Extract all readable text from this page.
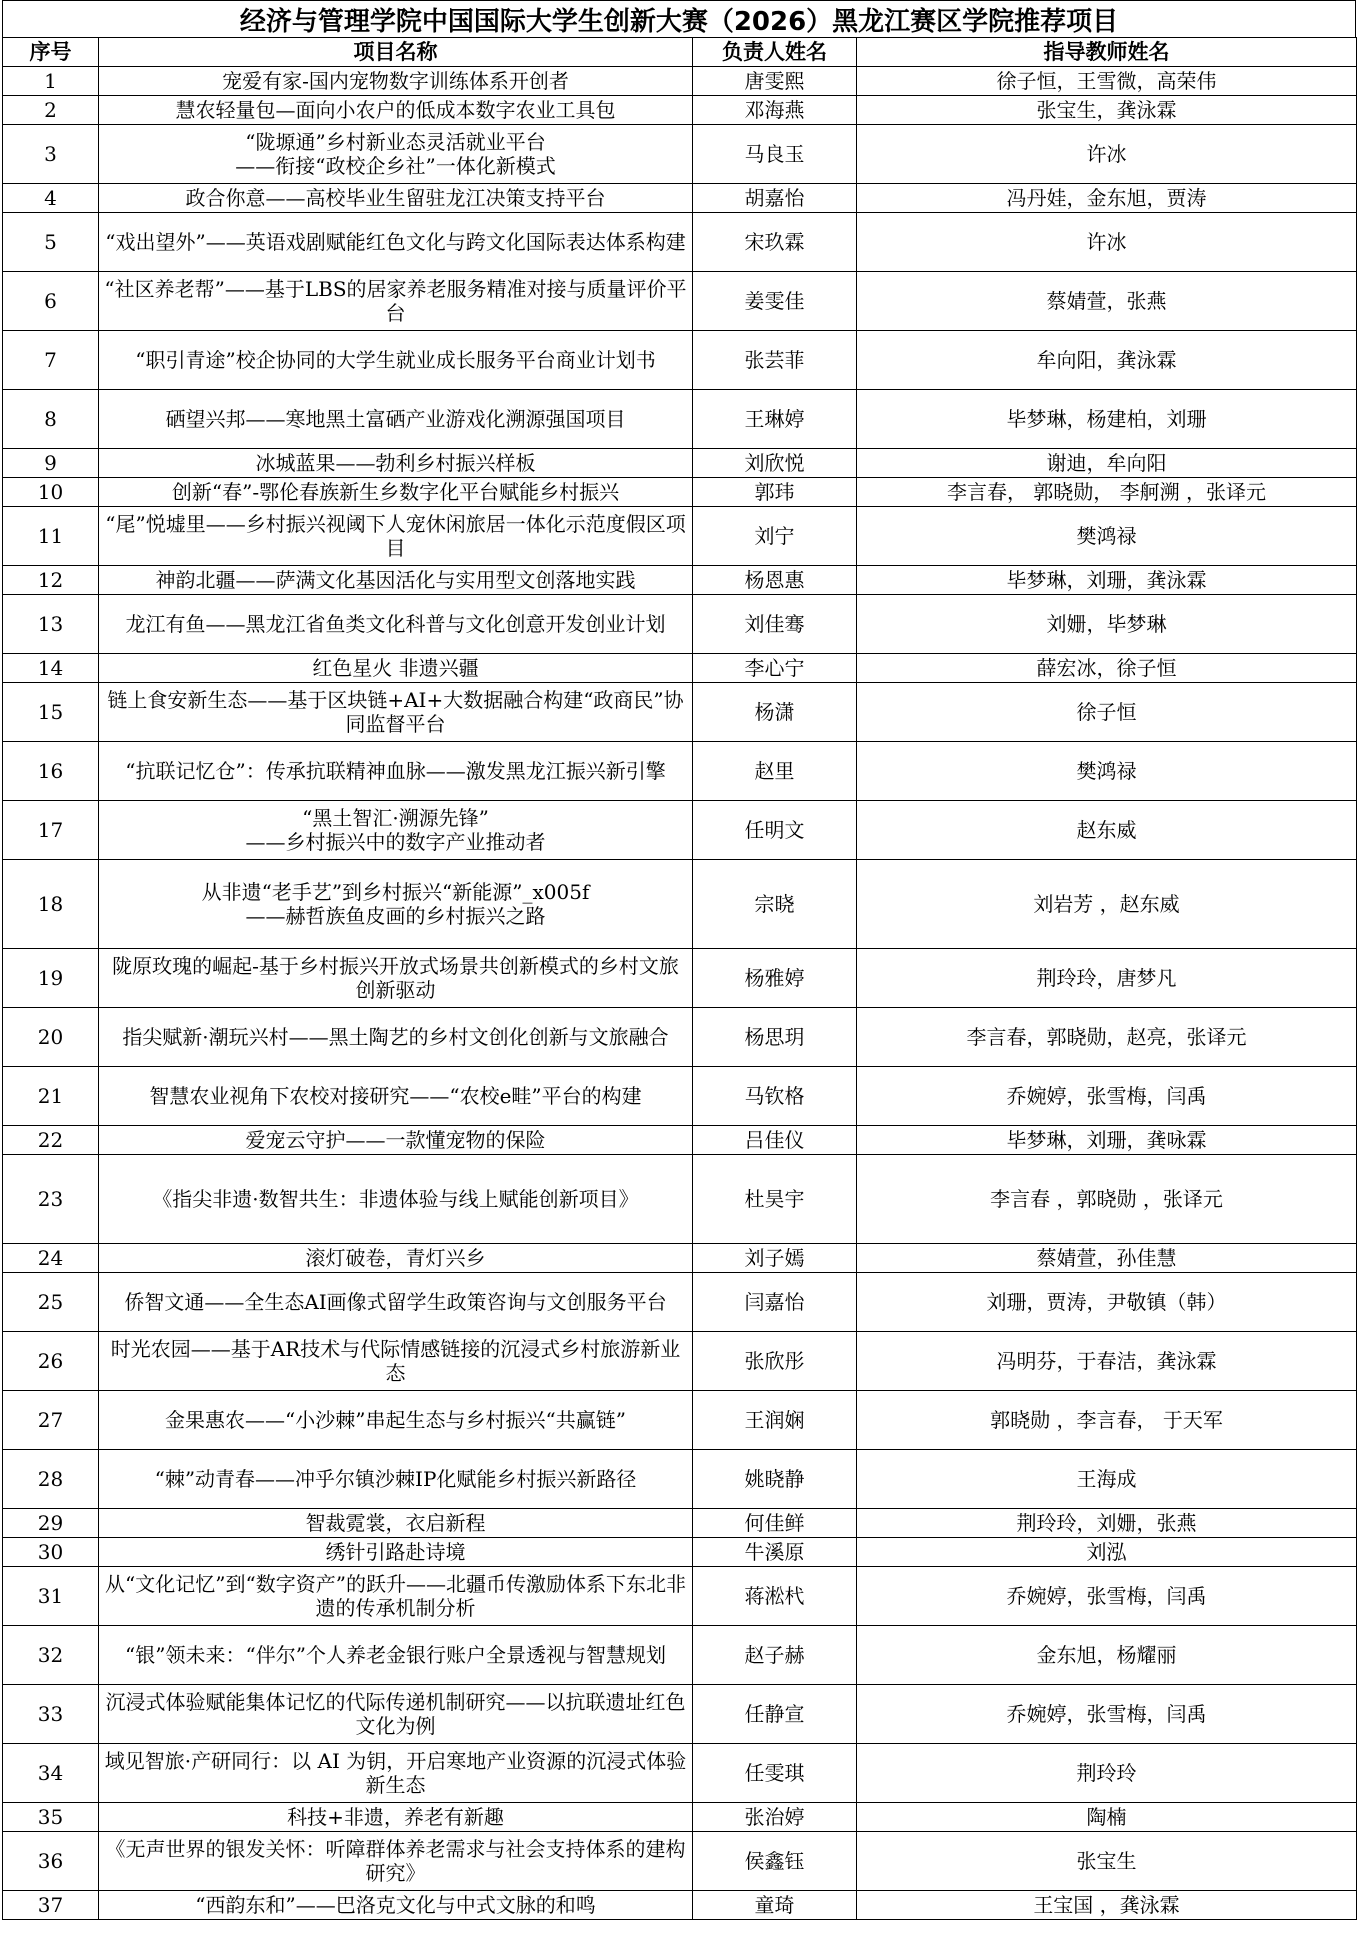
经济与管理学院中国国际大学生创新大赛（2026）黑龙江赛区学院推荐项目
序号	项目名称	负责人姓名	指导教师姓名
1	宠爱有家-国内宠物数字训练体系开创者	唐雯熙	徐子恒，王雪微，高荣伟
2	慧农轻量包—面向小农户的低成本数字农业工具包	邓海燕	张宝生，龚泳霖
3	“陇塬通”乡村新业态灵活就业平台
——衔接“政校企乡社”一体化新模式	马良玉	许冰
4	政合你意——高校毕业生留驻龙江决策支持平台	胡嘉怡	冯丹娃，金东旭，贾涛
5	“戏出望外”——英语戏剧赋能红色文化与跨文化国际表达体系构建	宋玖霖	许冰
6	“社区养老帮”——基于LBS的居家养老服务精准对接与质量评价平台	姜雯佳	蔡婧萱，张燕
7	“职引青途”校企协同的大学生就业成长服务平台商业计划书	张芸菲	牟向阳，龚泳霖
8	硒望兴邦——寒地黑土富硒产业游戏化溯源强国项目	王琳婷	毕梦琳，杨建柏，刘珊
9	冰城蓝果——勃利乡村振兴样板	刘欣悦	谢迪，牟向阳
10	创新“春”-鄂伦春族新生乡数字化平台赋能乡村振兴	郭玮	李言春， 郭晓勋， 李舸溯 ，张译元
11	“尾”悦墟里——乡村振兴视阈下人宠休闲旅居一体化示范度假区项目	刘宁	樊鸿禄
12	神韵北疆——萨满文化基因活化与实用型文创落地实践	杨恩惠	毕梦琳，刘珊，龚泳霖
13	龙江有鱼——黑龙江省鱼类文化科普与文化创意开发创业计划	刘佳骞	刘姗，毕梦琳
14	红色星火 非遗兴疆	李心宁	薛宏冰，徐子恒
15	链上食安新生态——基于区块链+AI+大数据融合构建“政商民”协同监督平台	杨潇	徐子恒
16	“抗联记忆仓”：传承抗联精神血脉——激发黑龙江振兴新引擎	赵里	樊鸿禄
17	“黑土智汇·溯源先锋”
——乡村振兴中的数字产业推动者	任明文	赵东威
18	从非遗“老手艺”到乡村振兴“新能源”_x005f
——赫哲族鱼皮画的乡村振兴之路	宗晓	刘岩芳 ，赵东威
19	陇原玫瑰的崛起-基于乡村振兴开放式场景共创新模式的乡村文旅创新驱动	杨雅婷	荆玲玲，唐梦凡
20	指尖赋新·潮玩兴村——黑土陶艺的乡村文创化创新与文旅融合	杨思玥	李言春，郭晓勋，赵亮，张译元
21	智慧农业视角下农校对接研究——“农校e畦”平台的构建	马钦格	乔婉婷，张雪梅，闫禹
22	爱宠云守护——一款懂宠物的保险	吕佳仪	毕梦琳，刘珊，龚咏霖
23	《指尖非遗·数智共生：非遗体验与线上赋能创新项目》	杜昊宇	李言春 ，郭晓勋 ，张译元
24	滚灯破卷，青灯兴乡	刘子嫣	蔡婧萱，孙佳慧
25	侨智文通——全生态AI画像式留学生政策咨询与文创服务平台	闫嘉怡	刘珊，贾涛，尹敬镇（韩）
26	时光农园——基于AR技术与代际情感链接的沉浸式乡村旅游新业态	张欣彤	冯明芬，于春洁，龚泳霖
27	金果惠农——“小沙棘”串起生态与乡村振兴“共赢链”	王润娴	郭晓勋 ，李言春， 于天军
28	“棘”动青春——冲乎尔镇沙棘IP化赋能乡村振兴新路径	姚晓静	王海成
29	智裁霓裳，衣启新程	何佳鲜	荆玲玲，刘姗，张燕
30	绣针引路赴诗境	牛溪原	刘泓
31	从“文化记忆”到“数字资产”的跃升——北疆币传激励体系下东北非遗的传承机制分析	蒋淞杙	乔婉婷，张雪梅，闫禹
32	“银”领未来：“伴尔”个人养老金银行账户全景透视与智慧规划	赵子赫	金东旭，杨耀丽
33	沉浸式体验赋能集体记忆的代际传递机制研究——以抗联遗址红色文化为例	任静宣	乔婉婷，张雪梅，闫禹
34	域见智旅·产研同行：以 AI 为钥，开启寒地产业资源的沉浸式体验新生态	任雯琪	荆玲玲
35	科技+非遗，养老有新趣	张治婷	陶楠
36	《无声世界的银发关怀：听障群体养老需求与社会支持体系的建构研究》	侯鑫钰	张宝生
37	“西韵东和”——巴洛克文化与中式文脉的和鸣	童琦	王宝国 ，龚泳霖
